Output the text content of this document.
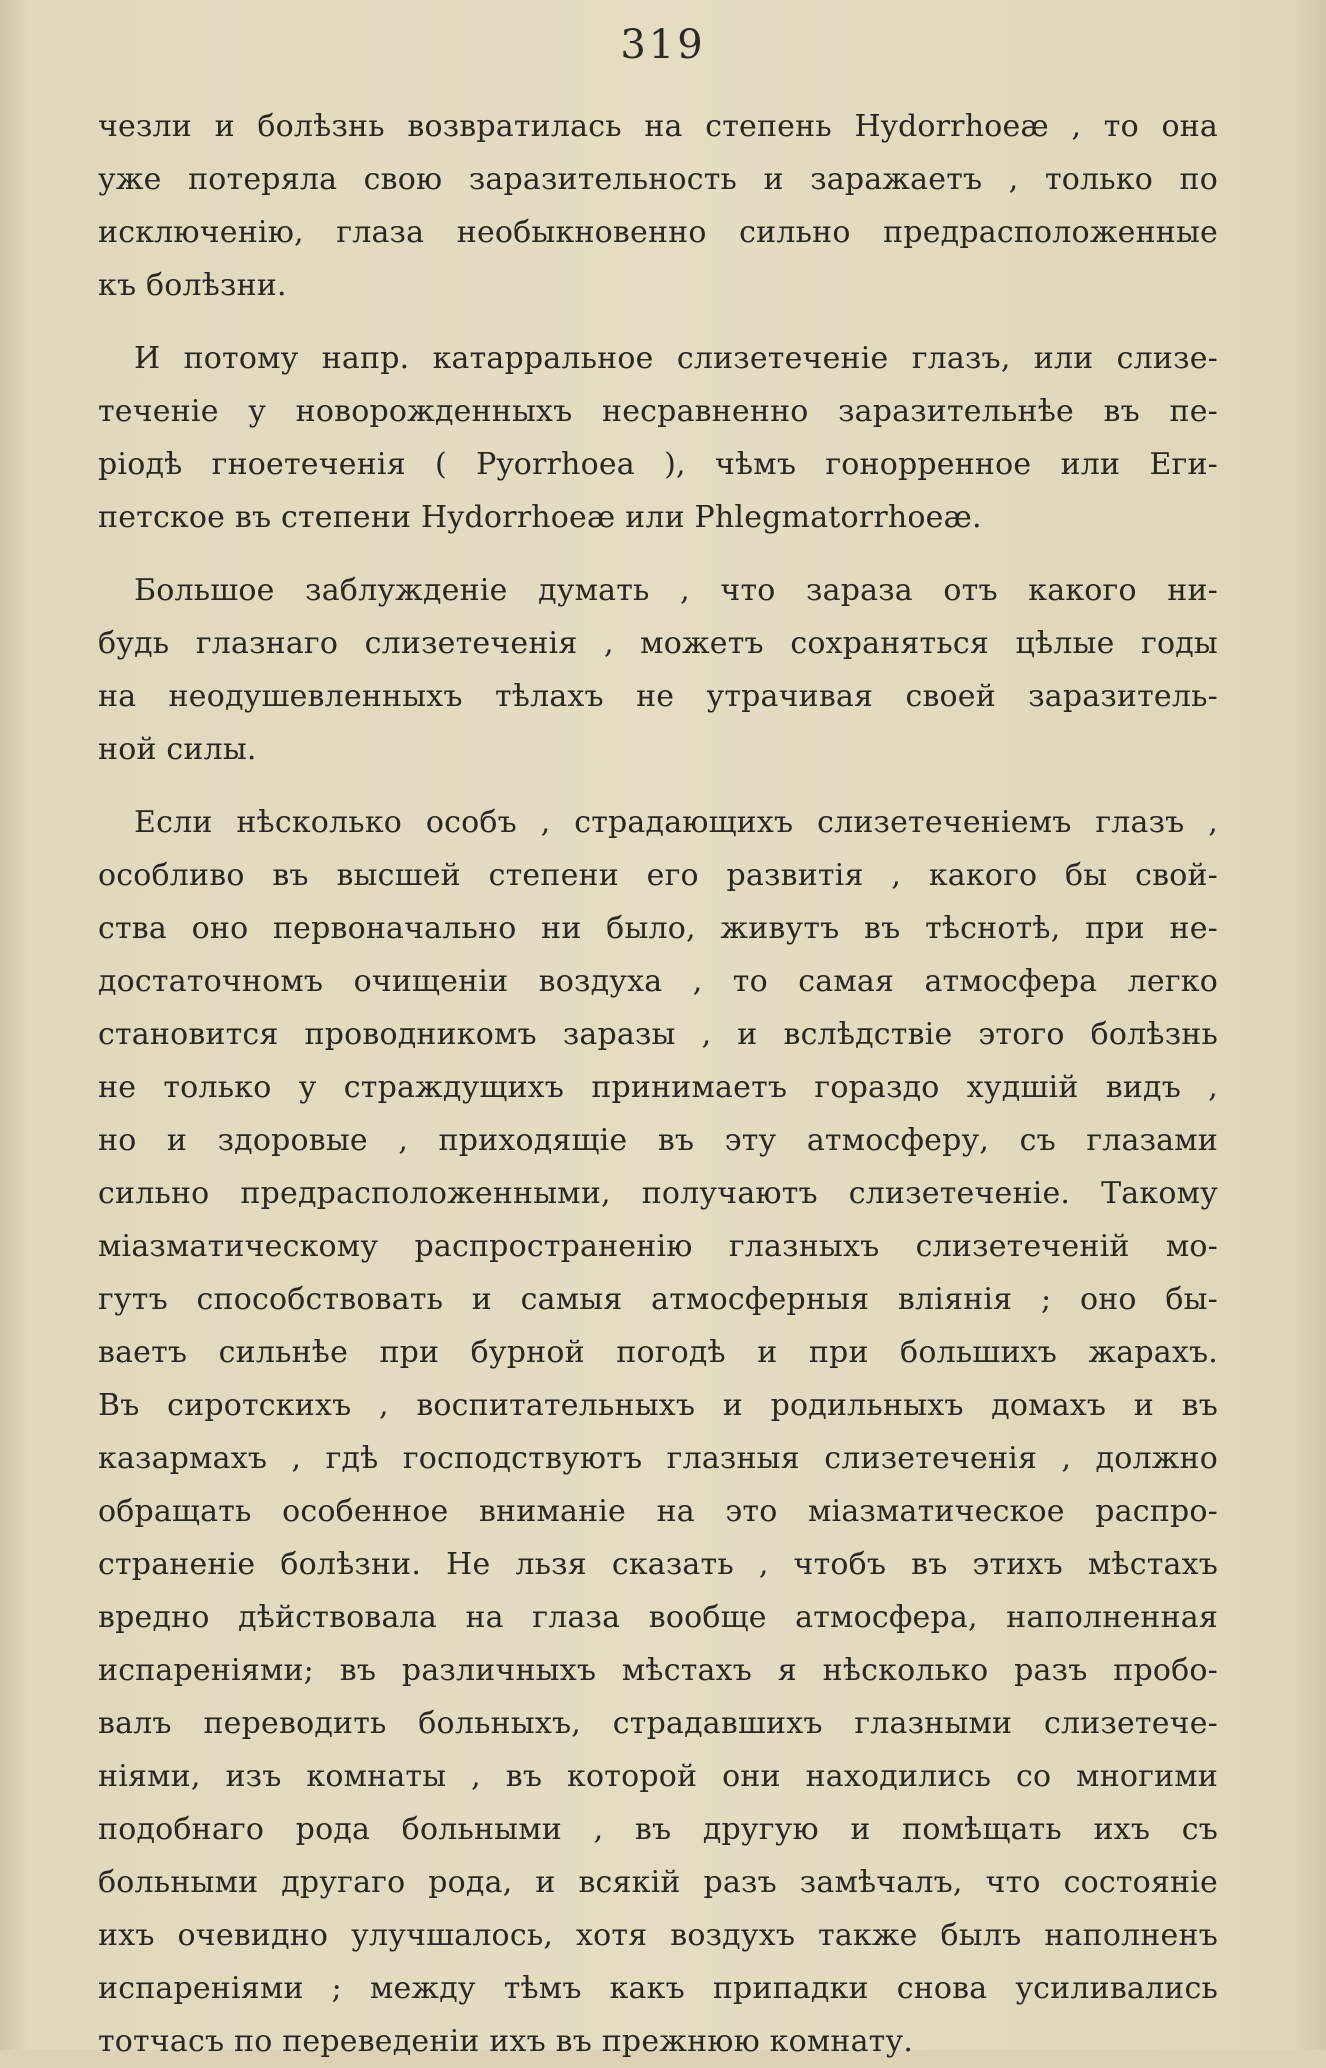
319
чезли и болѣзнь возвратилась на степень Hydorrhoeæ , то она
уже потеряла свою заразительность и заражаетъ , только по
исключенію, глаза необыкновенно сильно предрасположенные
къ болѣзни.
И потому напр. катарральное слизетеченіе глазъ, или слизе-
теченіе у новорожденныхъ несравненно заразительнѣе въ пе-
ріодѣ гноетеченія ( Pyorrhoea ), чѣмъ гонорренное или Еги-
петское въ степени Hydorrhoeæ или Phlegmatorrhoeæ.
Большое заблужденіе думать , что зараза отъ какого ни-
будь глазнаго слизетеченія , можетъ сохраняться цѣлые годы
на неодушевленныхъ тѣлахъ не утрачивая своей заразитель-
ной силы.
Если нѣсколько особъ , страдающихъ слизетеченіемъ глазъ ,
особливо въ высшей степени его развитія , какого бы свой-
ства оно первоначально ни было, живутъ въ тѣснотѣ, при не-
достаточномъ очищеніи воздуха , то самая атмосфера легко
становится проводникомъ заразы , и вслѣдствіе этого болѣзнь
не только у страждущихъ принимаетъ гораздо худшій видъ ,
но и здоровые , приходящіе въ эту атмосферу, съ глазами
сильно предрасположенными, получаютъ слизетеченіе. Такому
міазматическому распространенію глазныхъ слизетеченій мо-
гутъ способствовать и самыя атмосферныя вліянія ; оно бы-
ваетъ сильнѣе при бурной погодѣ и при большихъ жарахъ.
Въ сиротскихъ , воспитательныхъ и родильныхъ домахъ и въ
казармахъ , гдѣ господствуютъ глазныя слизетеченія , должно
обращать особенное вниманіе на это міазматическое распро-
страненіе болѣзни. Не льзя сказать , чтобъ въ этихъ мѣстахъ
вредно дѣйствовала на глаза вообще атмосфера, наполненная
испареніями; въ различныхъ мѣстахъ я нѣсколько разъ пробо-
валъ переводить больныхъ, страдавшихъ глазными слизетече-
ніями, изъ комнаты , въ которой они находились со многими
подобнаго рода больными , въ другую и помѣщать ихъ съ
больными другаго рода, и всякій разъ замѣчалъ, что состояніе
ихъ очевидно улучшалось, хотя воздухъ также былъ наполненъ
испареніями ; между тѣмъ какъ припадки снова усиливались
тотчасъ по переведеніи ихъ въ прежнюю комнату.
